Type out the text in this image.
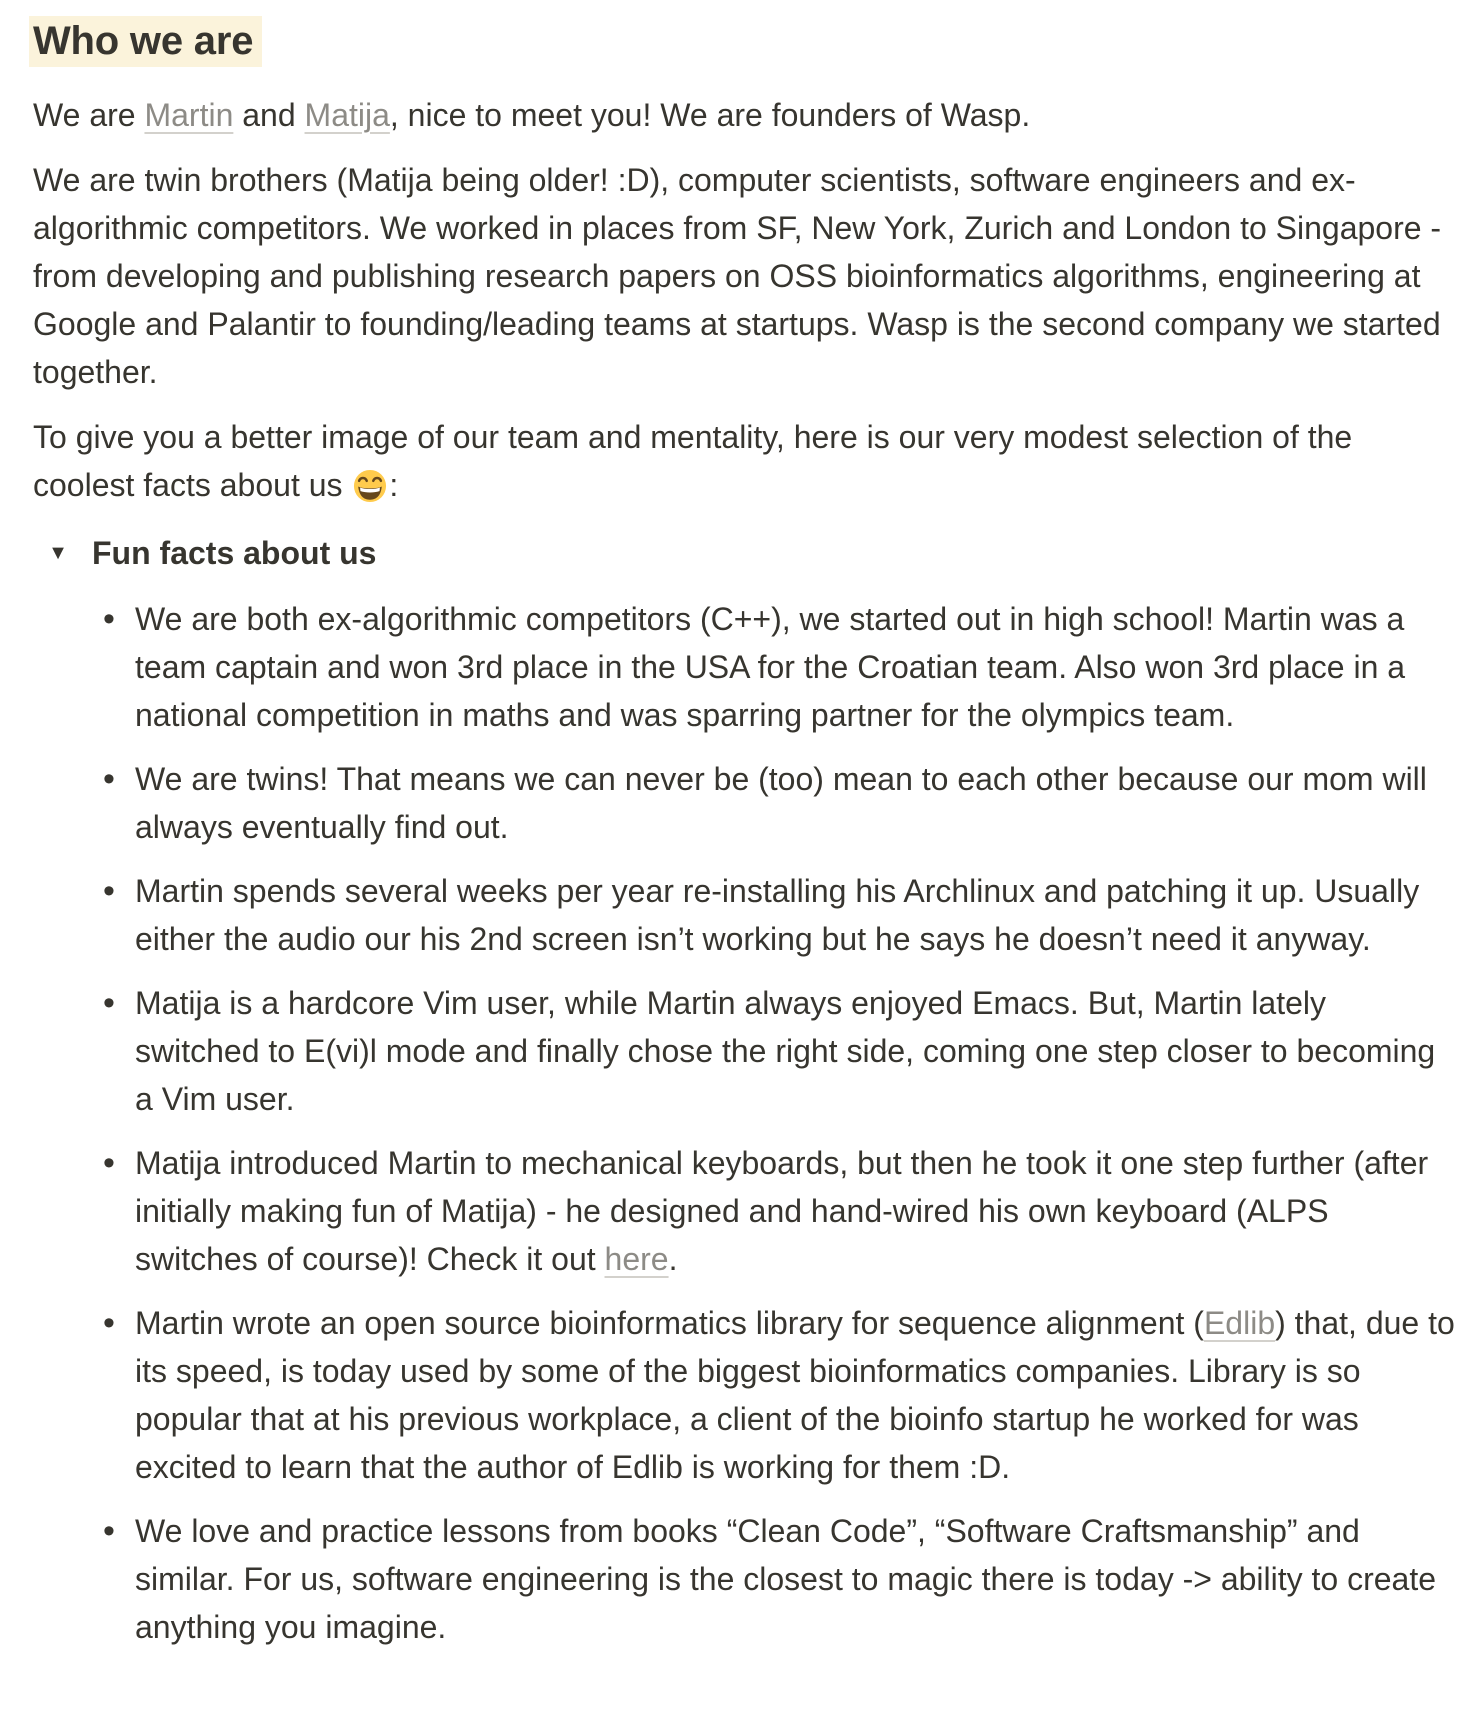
Who we are

We are Martin and Matija, nice to meet you! We are founders of Wasp.

We are twin brothers (Matija being older! :D), computer scientists, software engineers and ex-algorithmic competitors. We worked in places from SF, New York, Zurich and London to Singapore - from developing and publishing research papers on OSS bioinformatics algorithms, engineering at Google and Palantir to founding/leading teams at startups. Wasp is the second company we started together.

To give you a better image of our team and mentality, here is our very modest selection of the coolest facts about us :

▼ Fun facts about us
• We are both ex-algorithmic competitors (C++), we started out in high school! Martin was a team captain and won 3rd place in the USA for the Croatian team. Also won 3rd place in a national competition in maths and was sparring partner for the olympics team.
• We are twins! That means we can never be (too) mean to each other because our mom will always eventually find out.
• Martin spends several weeks per year re-installing his Archlinux and patching it up. Usually either the audio our his 2nd screen isn’t working but he says he doesn’t need it anyway.
• Matija is a hardcore Vim user, while Martin always enjoyed Emacs. But, Martin lately switched to E(vi)l mode and finally chose the right side, coming one step closer to becoming a Vim user.
• Matija introduced Martin to mechanical keyboards, but then he took it one step further (after initially making fun of Matija) - he designed and hand-wired his own keyboard (ALPS switches of course)! Check it out here.
• Martin wrote an open source bioinformatics library for sequence alignment (Edlib) that, due to its speed, is today used by some of the biggest bioinformatics companies. Library is so popular that at his previous workplace, a client of the bioinfo startup he worked for was excited to learn that the author of Edlib is working for them :D.
• We love and practice lessons from books “Clean Code”, “Software Craftsmanship” and similar. For us, software engineering is the closest to magic there is today -> ability to create anything you imagine.
